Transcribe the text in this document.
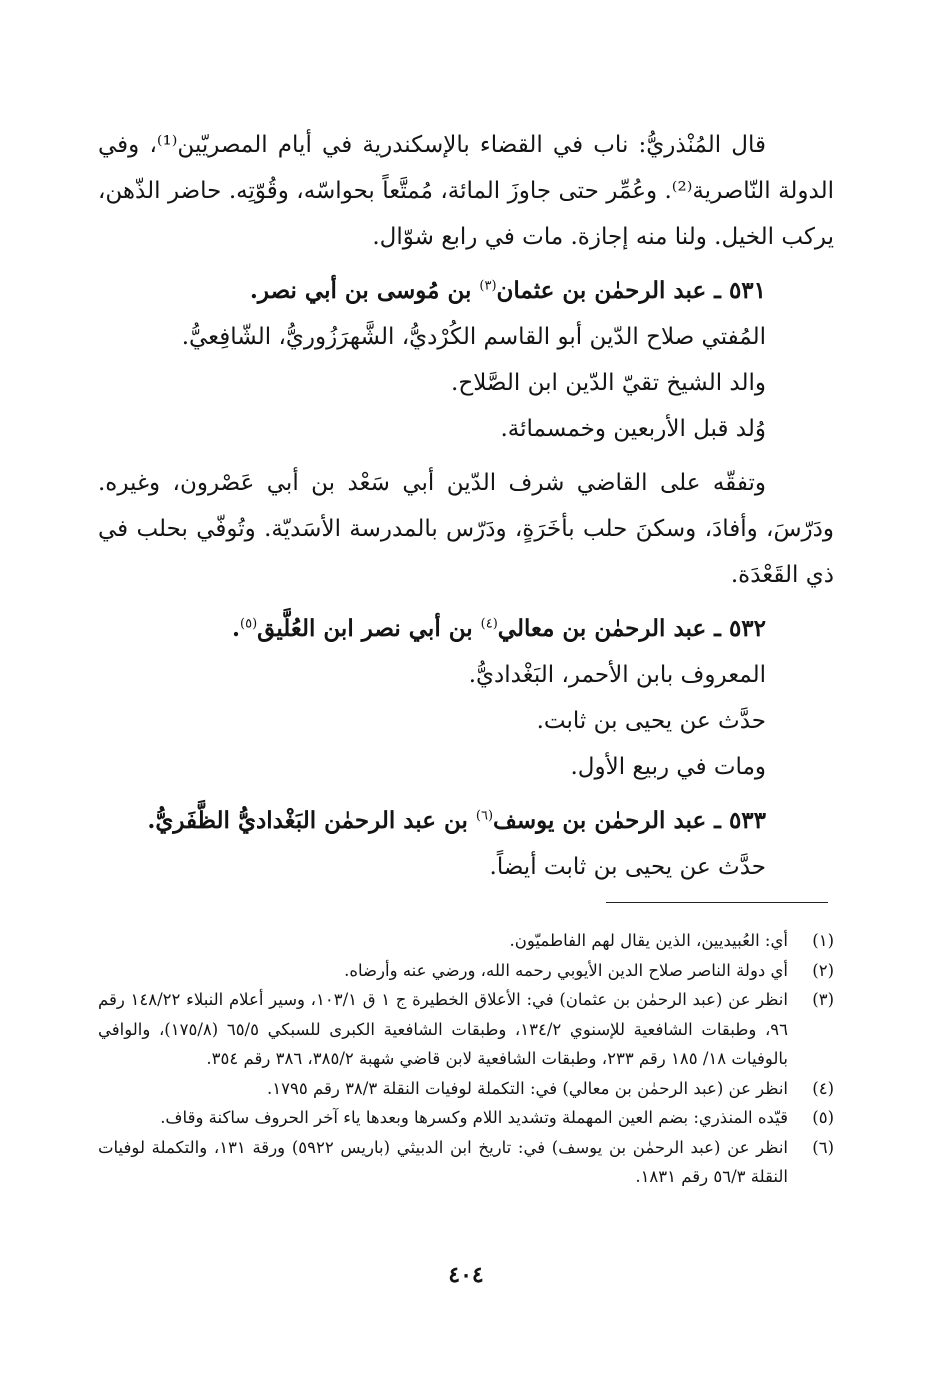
قال المُنْذريُّ: ناب في القضاء بالإسكندرية في أيام المصريّين⁽¹⁾، وفي الدولة النّاصرية⁽²⁾. وعُمِّر حتى جاوزَ المائة، مُمتَّعاً بحواسّه، وقُوّتِه. حاضر الذّهن، يركب الخيل. ولنا منه إجازة. مات في رابع شوّال.

٥٣١ ـ عبد الرحمٰن بن عثمان$^{(٣)}$ بن مُوسى بن أبي نصر.

المُفتي صلاح الدّين أبو القاسم الكُرْديُّ، الشَّهرَزُوريُّ، الشّافِعيُّ.

والد الشيخ تقيّ الدّين ابن الصَّلاح.

وُلد قبل الأربعين وخمسمائة.

وتفقّه على القاضي شرف الدّين أبي سَعْد بن أبي عَصْرون، وغيره. ودَرّسَ، وأفادَ، وسكنَ حلب بأخَرَةٍ، ودَرّس بالمدرسة الأسَديّة. وتُوفّي بحلب في ذي القَعْدَة.

٥٣٢ ـ عبد الرحمٰن بن معالي$^{(٤)}$ بن أبي نصر ابن العُلَّيق$^{(٥)}$.

المعروف بابن الأحمر، البَغْداديُّ.

حدَّث عن يحيى بن ثابت.

ومات في ربيع الأول.

٥٣٣ ـ عبد الرحمٰن بن يوسف$^{(٦)}$ بن عبد الرحمٰن البَغْداديُّ الظَّفَريُّ.

حدَّث عن يحيى بن ثابت أيضاً.

(١)
أي: العُبيديين، الذين يقال لهم الفاطميّون.
(٢)
أي دولة الناصر صلاح الدين الأيوبي رحمه الله، ورضي عنه وأرضاه.
(٣)
انظر عن (عبد الرحمٰن بن عثمان) في: الأعلاق الخطيرة ج ١ ق ١٠٣/١، وسير أعلام النبلاء ١٤٨/٢٢ رقم ٩٦، وطبقات الشافعية للإسنوي ١٣٤/٢، وطبقات الشافعية الكبرى للسبكي ٦٥/٥ (١٧٥/٨)، والوافي بالوفيات ١٨/ ١٨٥ رقم ٢٣٣، وطبقات الشافعية لابن قاضي شهبة ٣٨٥/٢، ٣٨٦ رقم ٣٥٤.
(٤)
انظر عن (عبد الرحمٰن بن معالي) في: التكملة لوفيات النقلة ٣٨/٣ رقم ١٧٩٥.
(٥)
قيّده المنذري: بضم العين المهملة وتشديد اللام وكسرها وبعدها ياء آخر الحروف ساكنة وقاف.
(٦)
انظر عن (عبد الرحمٰن بن يوسف) في: تاريخ ابن الدبيثي (باريس ٥٩٢٢) ورقة ١٣١، والتكملة لوفيات النقلة ٥٦/٣ رقم ١٨٣١.
٤٠٤
